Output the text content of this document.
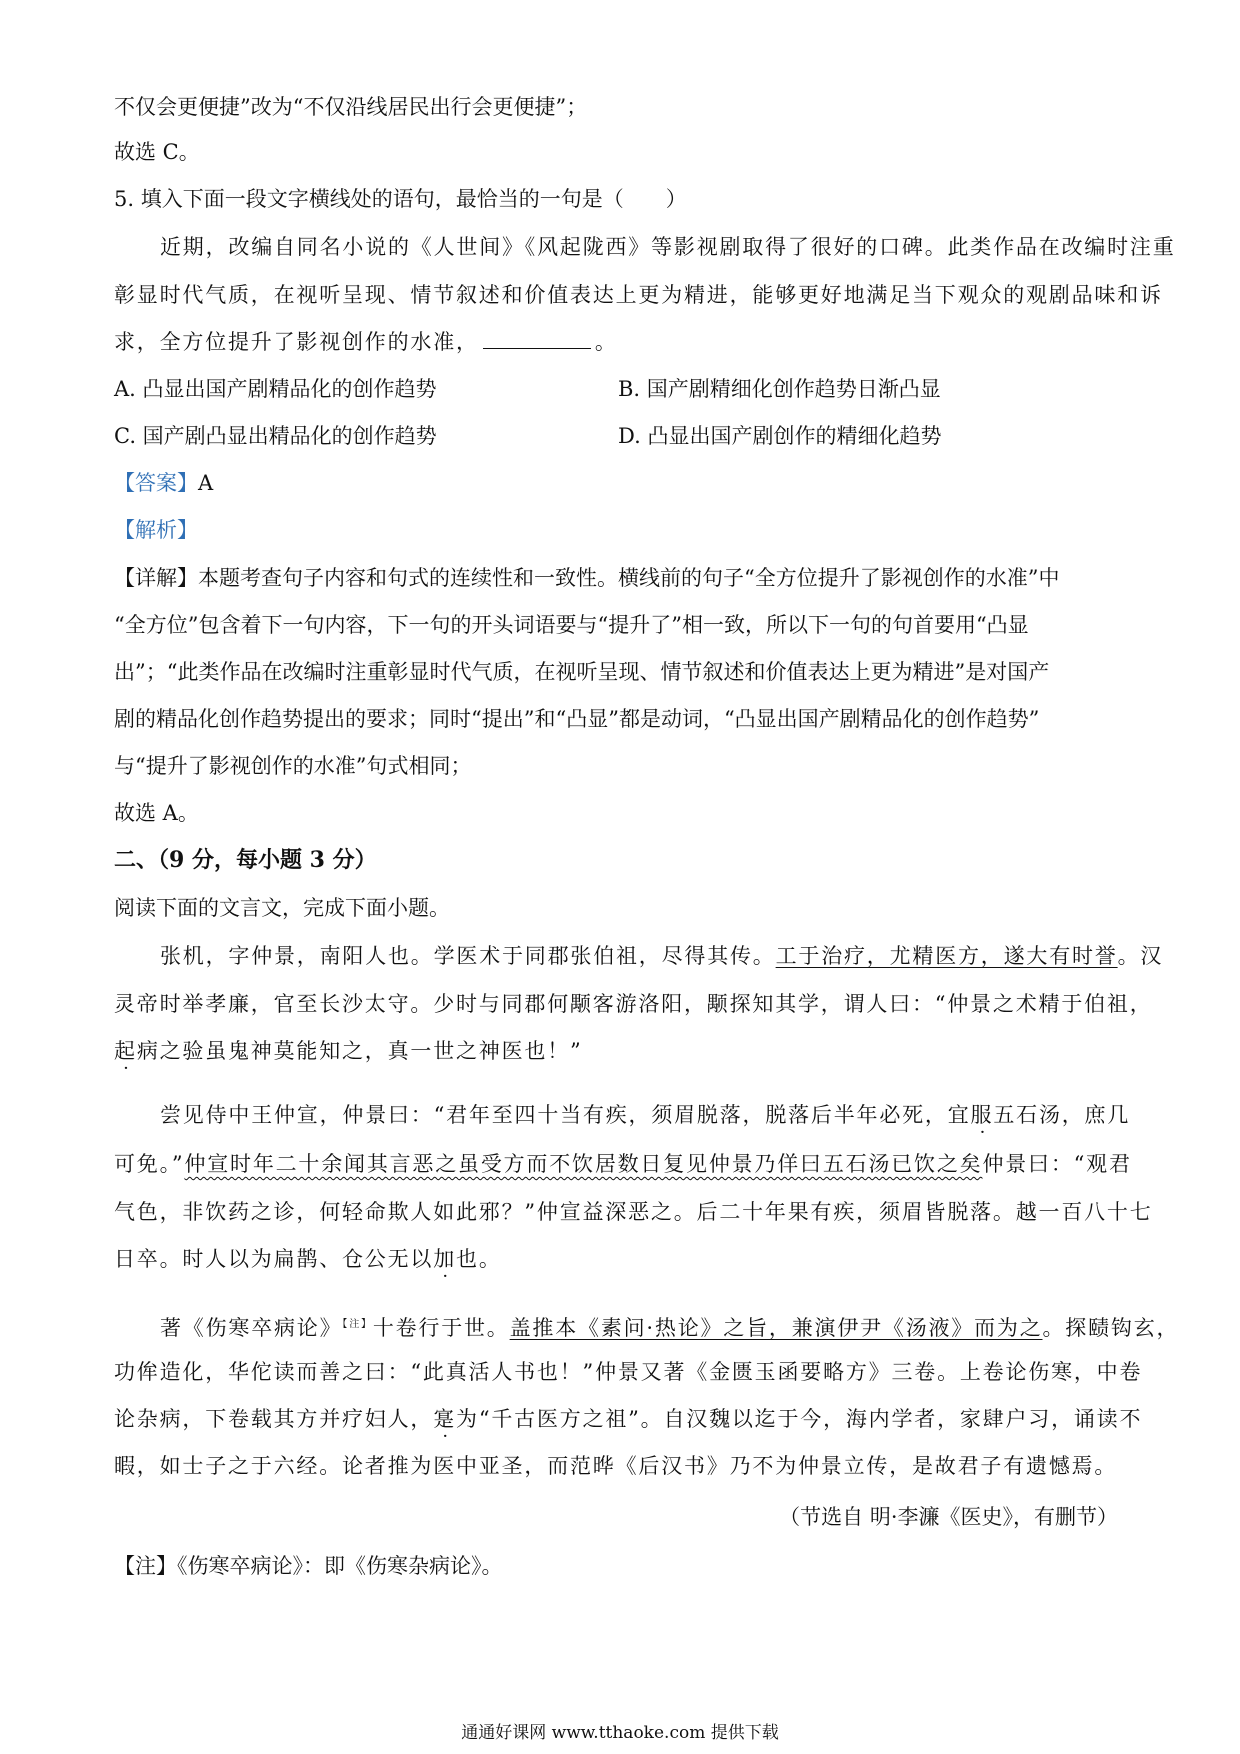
不仅会更便捷”改为“不仅沿线居民出行会更便捷”；
故选 C。
5. 填入下面一段文字横线处的语句，最恰当的一句是（　　）
近期，改编自同名小说的《人世间》《风起陇西》等影视剧取得了很好的口碑。此类作品在改编时注重
彰显时代气质，在视听呈现、情节叙述和价值表达上更为精进，能够更好地满足当下观众的观剧品味和诉
求，全方位提升了影视创作的水准，	。
A. 凸显出国产剧精品化的创作趋势	B. 国产剧精细化创作趋势日渐凸显
C. 国产剧凸显出精品化的创作趋势	D. 凸显出国产剧创作的精细化趋势
【答案】A
【解析】
【详解】本题考查句子内容和句式的连续性和一致性。横线前的句子“全方位提升了影视创作的水准”中
“全方位”包含着下一句内容，下一句的开头词语要与“提升了”相一致，所以下一句的句首要用“凸显
出”；“此类作品在改编时注重彰显时代气质，在视听呈现、情节叙述和价值表达上更为精进”是对国产
剧的精品化创作趋势提出的要求；同时“提出”和“凸显”都是动词，“凸显出国产剧精品化的创作趋势”
与“提升了影视创作的水准”句式相同；
故选 A。
二、（9 分，每小题 3 分）
阅读下面的文言文，完成下面小题。
张机，字仲景，南阳人也。学医术于同郡张伯祖，尽得其传。工于治疗，尤精医方，遂大有时誉。汉
灵帝时举孝廉，官至长沙太守。少时与同郡何颙客游洛阳，颙探知其学，谓人曰：“仲景之术精于伯祖，
起病之验虽鬼神莫能知之，真一世之神医也！”
尝见侍中王仲宣，仲景曰：“君年至四十当有疾，须眉脱落，脱落后半年必死，宜服五石汤，庶几
可免。”仲宣时年二十余闻其言恶之虽受方而不饮居数日复见仲景乃佯曰五石汤已饮之矣仲景曰：“观君
气色，非饮药之诊，何轻命欺人如此邪？”仲宣益深恶之。后二十年果有疾，须眉皆脱落。越一百八十七
日卒。时人以为扁鹊、仓公无以加也。
著《伤寒卒病论》$^{【注】}$十卷行于世。盖推本《素问·热论》之旨，兼演伊尹《汤液》而为之。探赜钩玄，
功侔造化，华佗读而善之曰：“此真活人书也！”仲景又著《金匮玉函要略方》三卷。上卷论伤寒，中卷
论杂病，下卷载其方并疗妇人，寔为“千古医方之祖”。自汉魏以迄于今，海内学者，家肆户习，诵读不
暇，如士子之于六经。论者推为医中亚圣，而范晔《后汉书》乃不为仲景立传，是故君子有遗憾焉。
（节选自 明·李濂《医史》，有删节）
【注】《伤寒卒病论》：即《伤寒杂病论》。
通通好课网 www.tthaoke.com 提供下载
